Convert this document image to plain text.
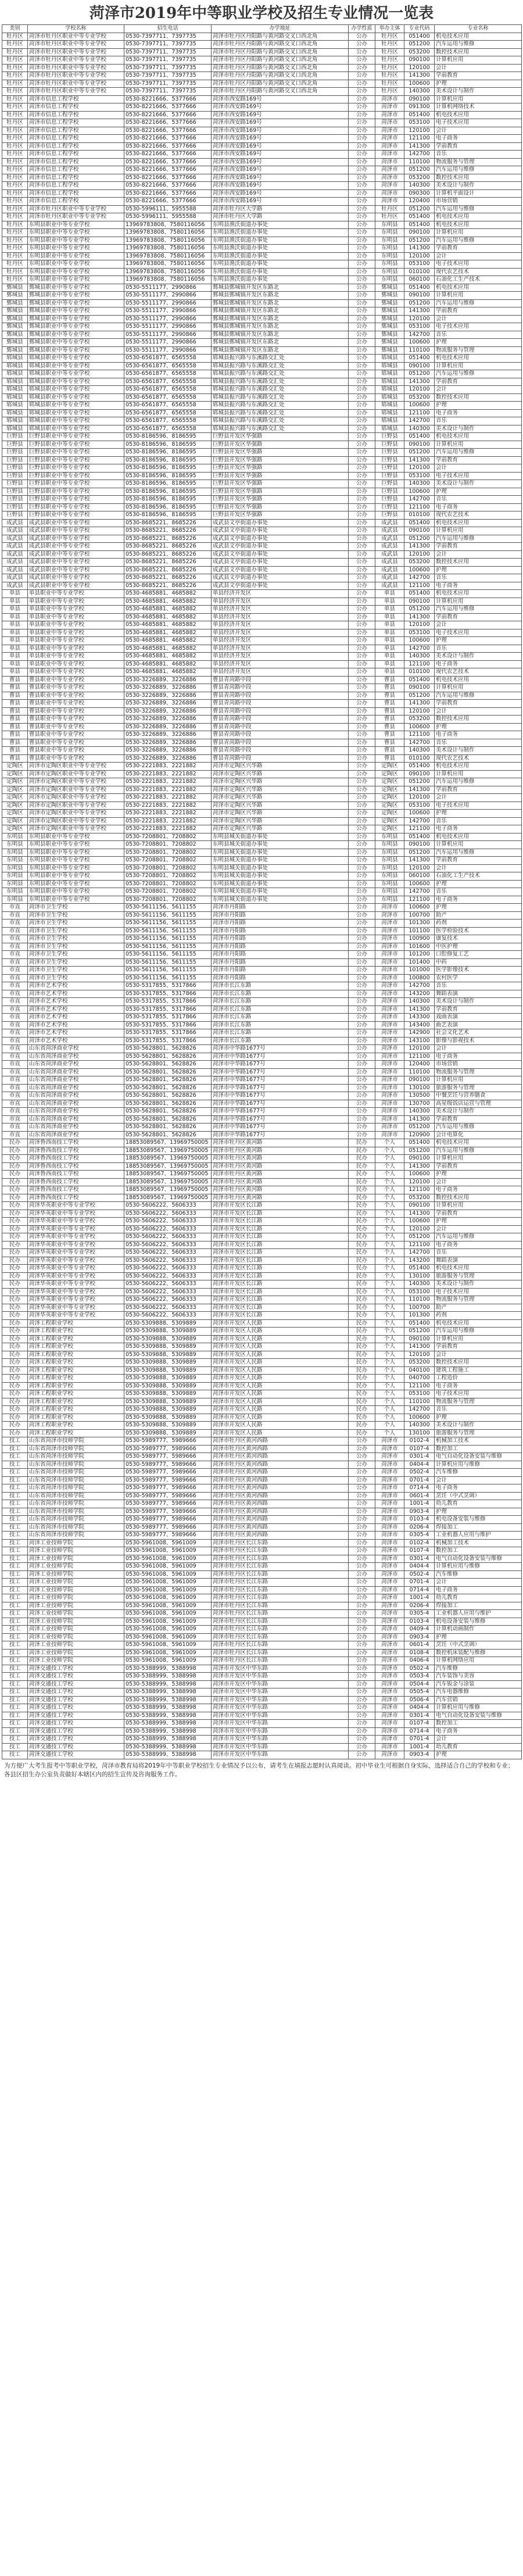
菏泽市2019年中等职业学校及招生专业情况一览表
类别	学校名称	招生电话	办学地址	办学性质	举办主体	专业代码	专业名称
牡丹区	菏泽市牡丹区职业中等专业学校	0530-7397711、7397735	菏泽市牡丹区丹阳路与黄河路交叉口西北角	公办	牡丹区	051400	机电技术应用
牡丹区	菏泽市牡丹区职业中等专业学校	0530-7397711、7397735	菏泽市牡丹区丹阳路与黄河路交叉口西北角	公办	牡丹区	051200	汽车运用与维修
牡丹区	菏泽市牡丹区职业中等专业学校	0530-7397711、7397735	菏泽市牡丹区丹阳路与黄河路交叉口西北角	公办	牡丹区	053200	数控技术应用
牡丹区	菏泽市牡丹区职业中等专业学校	0530-7397711、7397735	菏泽市牡丹区丹阳路与黄河路交叉口西北角	公办	牡丹区	090100	计算机应用
牡丹区	菏泽市牡丹区职业中等专业学校	0530-7397711、7397735	菏泽市牡丹区丹阳路与黄河路交叉口西北角	公办	牡丹区	120100	会计
牡丹区	菏泽市牡丹区职业中等专业学校	0530-7397711、7397735	菏泽市牡丹区丹阳路与黄河路交叉口西北角	公办	牡丹区	141300	学前教育
牡丹区	菏泽市牡丹区职业中等专业学校	0530-7397711、7397735	菏泽市牡丹区丹阳路与黄河路交叉口西北角	公办	牡丹区	100600	护理
牡丹区	菏泽市牡丹区职业中等专业学校	0530-7397711、7397735	菏泽市牡丹区丹阳路与黄河路交叉口西北角	公办	牡丹区	140300	美术设计与制作
牡丹区	菏泽市信息工程学校	0530-8221666、5377666	菏泽市西安路169号	公办	菏泽市	090100	计算机应用
牡丹区	菏泽市信息工程学校	0530-8221666、5377666	菏泽市西安路169号	公办	菏泽市	091300	计算机网络技术
牡丹区	菏泽市信息工程学校	0530-8221666、5377666	菏泽市西安路169号	公办	菏泽市	051400	机电技术应用
牡丹区	菏泽市信息工程学校	0530-8221666、5377666	菏泽市西安路169号	公办	菏泽市	053100	电子技术应用
牡丹区	菏泽市信息工程学校	0530-8221666、5377666	菏泽市西安路169号	公办	菏泽市	120100	会计
牡丹区	菏泽市信息工程学校	0530-8221666、5377666	菏泽市西安路169号	公办	菏泽市	121100	电子商务
牡丹区	菏泽市信息工程学校	0530-8221666、5377666	菏泽市西安路169号	公办	菏泽市	141300	学前教育
牡丹区	菏泽市信息工程学校	0530-8221666、5377666	菏泽市西安路169号	公办	菏泽市	142700	音乐
牡丹区	菏泽市信息工程学校	0530-8221666、5377666	菏泽市西安路169号	公办	菏泽市	110100	物流服务与管理
牡丹区	菏泽市信息工程学校	0530-8221666、5377666	菏泽市西安路169号	公办	菏泽市	051200	汽车运用与维修
牡丹区	菏泽市信息工程学校	0530-8221666、5377666	菏泽市西安路169号	公办	菏泽市	053200	数控技术应用
牡丹区	菏泽市信息工程学校	0530-8221666、5377666	菏泽市西安路169号	公办	菏泽市	140300	美术设计与制作
牡丹区	菏泽市信息工程学校	0530-8221666、5377666	菏泽市西安路169号	公办	菏泽市	090300	计算机平面设计
牡丹区	菏泽市信息工程学校	0530-8221666、5377666	菏泽市西安路169号	公办	菏泽市	120400	市场营销
牡丹区	菏泽市牡丹区职业中等专业学校	0530-5996111、5955588	菏泽市牡丹区大学路	公办	牡丹区	051200	汽车运用与维修
牡丹区	菏泽市牡丹区职业中等专业学校	0530-5996111、5955588	菏泽市牡丹区大学路	公办	牡丹区	051400	机电技术应用
牡丹区	东明县职业中等专业学校	13969783808、7580116056	东明县渔沃街道办事处	公办	东明县	051400	机电技术应用
牡丹区	东明县职业中等专业学校	13969783808、7580116056	东明县渔沃街道办事处	公办	东明县	090100	计算机应用
牡丹区	东明县职业中等专业学校	13969783808、7580116056	东明县渔沃街道办事处	公办	东明县	051200	汽车运用与维修
牡丹区	东明县职业中等专业学校	13969783808、7580116056	东明县渔沃街道办事处	公办	东明县	141300	学前教育
牡丹区	东明县职业中等专业学校	13969783808、7580116056	东明县渔沃街道办事处	公办	东明县	120100	会计
牡丹区	东明县职业中等专业学校	13969783808、7580116056	东明县渔沃街道办事处	公办	东明县	053100	电子技术应用
牡丹区	东明县职业中等专业学校	13969783808、7580116056	东明县渔沃街道办事处	公办	东明县	010100	现代农艺技术
牡丹区	东明县职业中等专业学校	13969783808、7580116056	东明县渔沃街道办事处	公办	东明县	060100	石油化工生产技术
鄄城县	鄄城县职业中等专业学校	0530-5511177、2990866	鄄城县鄄城镇开发区东路北	公办	鄄城县	051400	机电技术应用
鄄城县	鄄城县职业中等专业学校	0530-5511177、2990866	鄄城县鄄城镇开发区东路北	公办	鄄城县	090100	计算机应用
鄄城县	鄄城县职业中等专业学校	0530-5511177、2990866	鄄城县鄄城镇开发区东路北	公办	鄄城县	051200	汽车运用与维修
鄄城县	鄄城县职业中等专业学校	0530-5511177、2990866	鄄城县鄄城镇开发区东路北	公办	鄄城县	141300	学前教育
鄄城县	鄄城县职业中等专业学校	0530-5511177、2990866	鄄城县鄄城镇开发区东路北	公办	鄄城县	120100	会计
鄄城县	鄄城县职业中等专业学校	0530-5511177、2990866	鄄城县鄄城镇开发区东路北	公办	鄄城县	053100	电子技术应用
鄄城县	鄄城县职业中等专业学校	0530-5511177、2990866	鄄城县鄄城镇开发区东路北	公办	鄄城县	142700	音乐
鄄城县	鄄城县职业中等专业学校	0530-5511177、2990866	鄄城县鄄城镇开发区东路北	公办	鄄城县	100600	护理
鄄城县	鄄城县职业中等专业学校	0530-5511177、2990866	鄄城县鄄城镇开发区东路北	公办	鄄城县	110100	物流服务与管理
郓城县	郓城县职业中等专业学校	0530-6561877、6565558	郓城县振兴路与东溪路交汇处	公办	郓城县	051400	机电技术应用
郓城县	郓城县职业中等专业学校	0530-6561877、6565558	郓城县振兴路与东溪路交汇处	公办	郓城县	090100	计算机应用
郓城县	郓城县职业中等专业学校	0530-6561877、6565558	郓城县振兴路与东溪路交汇处	公办	郓城县	051200	汽车运用与维修
郓城县	郓城县职业中等专业学校	0530-6561877、6565558	郓城县振兴路与东溪路交汇处	公办	郓城县	141300	学前教育
郓城县	郓城县职业中等专业学校	0530-6561877、6565558	郓城县振兴路与东溪路交汇处	公办	郓城县	120100	会计
郓城县	郓城县职业中等专业学校	0530-6561877、6565558	郓城县振兴路与东溪路交汇处	公办	郓城县	053200	数控技术应用
郓城县	郓城县职业中等专业学校	0530-6561877、6565558	郓城县振兴路与东溪路交汇处	公办	郓城县	100600	护理
郓城县	郓城县职业中等专业学校	0530-6561877、6565558	郓城县振兴路与东溪路交汇处	公办	郓城县	121100	电子商务
郓城县	郓城县职业中等专业学校	0530-6561877、6565558	郓城县振兴路与东溪路交汇处	公办	郓城县	142700	音乐
郓城县	郓城县职业中等专业学校	0530-6561877、6565558	郓城县振兴路与东溪路交汇处	公办	郓城县	140300	美术设计与制作
巨野县	巨野县职业中等专业学校	0530-8186596、8186595	巨野县开发区华强路	公办	巨野县	051400	机电技术应用
巨野县	巨野县职业中等专业学校	0530-8186596、8186595	巨野县开发区华强路	公办	巨野县	090100	计算机应用
巨野县	巨野县职业中等专业学校	0530-8186596、8186595	巨野县开发区华强路	公办	巨野县	051200	汽车运用与维修
巨野县	巨野县职业中等专业学校	0530-8186596、8186595	巨野县开发区华强路	公办	巨野县	141300	学前教育
巨野县	巨野县职业中等专业学校	0530-8186596、8186595	巨野县开发区华强路	公办	巨野县	120100	会计
巨野县	巨野县职业中等专业学校	0530-8186596、8186595	巨野县开发区华强路	公办	巨野县	053100	电子技术应用
巨野县	巨野县职业中等专业学校	0530-8186596、8186595	巨野县开发区华强路	公办	巨野县	140300	美术设计与制作
巨野县	巨野县职业中等专业学校	0530-8186596、8186595	巨野县开发区华强路	公办	巨野县	100600	护理
巨野县	巨野县职业中等专业学校	0530-8186596、8186595	巨野县开发区华强路	公办	巨野县	142700	音乐
巨野县	巨野县职业中等专业学校	0530-8186596、8186595	巨野县开发区华强路	公办	巨野县	121100	电子商务
巨野县	巨野县职业中等专业学校	0530-8186596、8186595	巨野县开发区华强路	公办	巨野县	010100	现代农艺技术
成武县	成武县职业中等专业学校	0530-8685221、8685226	成武县文亭街道办事处	公办	成武县	051400	机电技术应用
成武县	成武县职业中等专业学校	0530-8685221、8685226	成武县文亭街道办事处	公办	成武县	090100	计算机应用
成武县	成武县职业中等专业学校	0530-8685221、8685226	成武县文亭街道办事处	公办	成武县	051200	汽车运用与维修
成武县	成武县职业中等专业学校	0530-8685221、8685226	成武县文亭街道办事处	公办	成武县	141300	学前教育
成武县	成武县职业中等专业学校	0530-8685221、8685226	成武县文亭街道办事处	公办	成武县	120100	会计
成武县	成武县职业中等专业学校	0530-8685221、8685226	成武县文亭街道办事处	公办	成武县	053200	数控技术应用
成武县	成武县职业中等专业学校	0530-8685221、8685226	成武县文亭街道办事处	公办	成武县	100600	护理
成武县	成武县职业中等专业学校	0530-8685221、8685226	成武县文亭街道办事处	公办	成武县	142700	音乐
成武县	成武县职业中等专业学校	0530-8685221、8685226	成武县文亭街道办事处	公办	成武县	121100	电子商务
单县	单县职业中等专业学校	0530-4685881、4685882	单县经济开发区	公办	单县	051400	机电技术应用
单县	单县职业中等专业学校	0530-4685881、4685882	单县经济开发区	公办	单县	090100	计算机应用
单县	单县职业中等专业学校	0530-4685881、4685882	单县经济开发区	公办	单县	051200	汽车运用与维修
单县	单县职业中等专业学校	0530-4685881、4685882	单县经济开发区	公办	单县	141300	学前教育
单县	单县职业中等专业学校	0530-4685881、4685882	单县经济开发区	公办	单县	120100	会计
单县	单县职业中等专业学校	0530-4685881、4685882	单县经济开发区	公办	单县	053100	电子技术应用
单县	单县职业中等专业学校	0530-4685881、4685882	单县经济开发区	公办	单县	100600	护理
单县	单县职业中等专业学校	0530-4685881、4685882	单县经济开发区	公办	单县	142700	音乐
单县	单县职业中等专业学校	0530-4685881、4685882	单县经济开发区	公办	单县	140300	美术设计与制作
单县	单县职业中等专业学校	0530-4685881、4685882	单县经济开发区	公办	单县	121100	电子商务
单县	单县职业中等专业学校	0530-4685881、4685882	单县经济开发区	公办	单县	010100	现代农艺技术
曹县	曹县职业中等专业学校	0530-3226889、3226886	曹县青菏路中段	公办	曹县	051400	机电技术应用
曹县	曹县职业中等专业学校	0530-3226889、3226886	曹县青菏路中段	公办	曹县	090100	计算机应用
曹县	曹县职业中等专业学校	0530-3226889、3226886	曹县青菏路中段	公办	曹县	051200	汽车运用与维修
曹县	曹县职业中等专业学校	0530-3226889、3226886	曹县青菏路中段	公办	曹县	141300	学前教育
曹县	曹县职业中等专业学校	0530-3226889、3226886	曹县青菏路中段	公办	曹县	120100	会计
曹县	曹县职业中等专业学校	0530-3226889、3226886	曹县青菏路中段	公办	曹县	053200	数控技术应用
曹县	曹县职业中等专业学校	0530-3226889、3226886	曹县青菏路中段	公办	曹县	100600	护理
曹县	曹县职业中等专业学校	0530-3226889、3226886	曹县青菏路中段	公办	曹县	121100	电子商务
曹县	曹县职业中等专业学校	0530-3226889、3226886	曹县青菏路中段	公办	曹县	142700	音乐
曹县	曹县职业中等专业学校	0530-3226889、3226886	曹县青菏路中段	公办	曹县	140300	美术设计与制作
曹县	曹县职业中等专业学校	0530-3226889、3226886	曹县青菏路中段	公办	曹县	010100	现代农艺技术
定陶区	菏泽市定陶区职业中等专业学校	0530-2221883、2221882	菏泽市定陶区兴华路	公办	定陶区	051400	机电技术应用
定陶区	菏泽市定陶区职业中等专业学校	0530-2221883、2221882	菏泽市定陶区兴华路	公办	定陶区	090100	计算机应用
定陶区	菏泽市定陶区职业中等专业学校	0530-2221883、2221882	菏泽市定陶区兴华路	公办	定陶区	051200	汽车运用与维修
定陶区	菏泽市定陶区职业中等专业学校	0530-2221883、2221882	菏泽市定陶区兴华路	公办	定陶区	141300	学前教育
定陶区	菏泽市定陶区职业中等专业学校	0530-2221883、2221882	菏泽市定陶区兴华路	公办	定陶区	120100	会计
定陶区	菏泽市定陶区职业中等专业学校	0530-2221883、2221882	菏泽市定陶区兴华路	公办	定陶区	053100	电子技术应用
定陶区	菏泽市定陶区职业中等专业学校	0530-2221883、2221882	菏泽市定陶区兴华路	公办	定陶区	100600	护理
定陶区	菏泽市定陶区职业中等专业学校	0530-2221883、2221882	菏泽市定陶区兴华路	公办	定陶区	142700	音乐
定陶区	菏泽市定陶区职业中等专业学校	0530-2221883、2221882	菏泽市定陶区兴华路	公办	定陶区	121100	电子商务
东明县	东明县职业中等专业学校	0530-7208801、7208802	东明县城关街道办事处	公办	东明县	051400	机电技术应用
东明县	东明县职业中等专业学校	0530-7208801、7208802	东明县城关街道办事处	公办	东明县	090100	计算机应用
东明县	东明县职业中等专业学校	0530-7208801、7208802	东明县城关街道办事处	公办	东明县	051200	汽车运用与维修
东明县	东明县职业中等专业学校	0530-7208801、7208802	东明县城关街道办事处	公办	东明县	141300	学前教育
东明县	东明县职业中等专业学校	0530-7208801、7208802	东明县城关街道办事处	公办	东明县	120100	会计
东明县	东明县职业中等专业学校	0530-7208801、7208802	东明县城关街道办事处	公办	东明县	060100	石油化工生产技术
东明县	东明县职业中等专业学校	0530-7208801、7208802	东明县城关街道办事处	公办	东明县	100600	护理
东明县	东明县职业中等专业学校	0530-7208801、7208802	东明县城关街道办事处	公办	东明县	142700	音乐
东明县	东明县职业中等专业学校	0530-7208801、7208802	东明县城关街道办事处	公办	东明县	121100	电子商务
市直	菏泽市卫生学校	0530-5611156、5611155	菏泽市丹阳路	公办	菏泽市	100600	护理
市直	菏泽市卫生学校	0530-5611156、5611155	菏泽市丹阳路	公办	菏泽市	100700	助产
市直	菏泽市卫生学校	0530-5611156、5611155	菏泽市丹阳路	公办	菏泽市	101300	药剂
市直	菏泽市卫生学校	0530-5611156、5611155	菏泽市丹阳路	公办	菏泽市	101100	医学检验技术
市直	菏泽市卫生学校	0530-5611156、5611155	菏泽市丹阳路	公办	菏泽市	100900	康复技术
市直	菏泽市卫生学校	0530-5611156、5611155	菏泽市丹阳路	公办	菏泽市	101600	中医护理
市直	菏泽市卫生学校	0530-5611156、5611155	菏泽市丹阳路	公办	菏泽市	101200	口腔修复工艺
市直	菏泽市卫生学校	0530-5611156、5611155	菏泽市丹阳路	公办	菏泽市	101400	中药
市直	菏泽市卫生学校	0530-5611156、5611155	菏泽市丹阳路	公办	菏泽市	101000	医学影像技术
市直	菏泽市卫生学校	0530-5611156、5611155	菏泽市丹阳路	公办	菏泽市	100800	农村医学
市直	菏泽市艺术学校	0530-5317855、5317866	菏泽市长江东路	公办	菏泽市	142700	音乐
市直	菏泽市艺术学校	0530-5317855、5317866	菏泽市长江东路	公办	菏泽市	143200	舞蹈表演
市直	菏泽市艺术学校	0530-5317855、5317866	菏泽市长江东路	公办	菏泽市	140300	美术设计与制作
市直	菏泽市艺术学校	0530-5317855、5317866	菏泽市长江东路	公办	菏泽市	141300	学前教育
市直	菏泽市艺术学校	0530-5317855、5317866	菏泽市长江东路	公办	菏泽市	143300	戏曲表演
市直	菏泽市艺术学校	0530-5317855、5317866	菏泽市长江东路	公办	菏泽市	143400	曲艺表演
市直	菏泽市艺术学校	0530-5317855、5317866	菏泽市长江东路	公办	菏泽市	142900	社会文化艺术
市直	菏泽市艺术学校	0530-5317855、5317866	菏泽市长江东路	公办	菏泽市	143100	影像与影视技术
市直	山东省菏泽商业学校	0530-5628801、5628826	菏泽市中华路1677号	公办	菏泽市	120100	会计
市直	山东省菏泽商业学校	0530-5628801、5628826	菏泽市中华路1677号	公办	菏泽市	121100	电子商务
市直	山东省菏泽商业学校	0530-5628801、5628826	菏泽市中华路1677号	公办	菏泽市	120400	市场营销
市直	山东省菏泽商业学校	0530-5628801、5628826	菏泽市中华路1677号	公办	菏泽市	110100	物流服务与管理
市直	山东省菏泽商业学校	0530-5628801、5628826	菏泽市中华路1677号	公办	菏泽市	090100	计算机应用
市直	山东省菏泽商业学校	0530-5628801、5628826	菏泽市中华路1677号	公办	菏泽市	130100	旅游服务与管理
市直	山东省菏泽商业学校	0530-5628801、5628826	菏泽市中华路1677号	公办	菏泽市	130500	中餐烹饪与营养膳食
市直	山东省菏泽商业学校	0530-5628801、5628826	菏泽市中华路1677号	公办	菏泽市	130700	高星级饭店运营与管理
市直	山东省菏泽商业学校	0530-5628801、5628826	菏泽市中华路1677号	公办	菏泽市	140300	美术设计与制作
市直	山东省菏泽商业学校	0530-5628801、5628826	菏泽市中华路1677号	公办	菏泽市	141300	学前教育
市直	山东省菏泽商业学校	0530-5628801、5628826	菏泽市中华路1677号	公办	菏泽市	051200	汽车运用与维修
市直	山东省菏泽商业学校	0530-5628801、5628826	菏泽市中华路1677号	公办	菏泽市	120900	会计电算化
民办	菏泽鲁西南技工学校	18853089567、13969750005	菏泽市牡丹区黄河路	民办	个人	051400	机电技术应用
民办	菏泽鲁西南技工学校	18853089567、13969750005	菏泽市牡丹区黄河路	民办	个人	051200	汽车运用与维修
民办	菏泽鲁西南技工学校	18853089567、13969750005	菏泽市牡丹区黄河路	民办	个人	090100	计算机应用
民办	菏泽鲁西南技工学校	18853089567、13969750005	菏泽市牡丹区黄河路	民办	个人	141300	学前教育
民办	菏泽鲁西南技工学校	18853089567、13969750005	菏泽市牡丹区黄河路	民办	个人	100600	护理
民办	菏泽鲁西南技工学校	18853089567、13969750005	菏泽市牡丹区黄河路	民办	个人	120100	会计
民办	菏泽鲁西南技工学校	18853089567、13969750005	菏泽市牡丹区黄河路	民办	个人	121100	电子商务
民办	菏泽鲁西南技工学校	18853089567、13969750005	菏泽市牡丹区黄河路	民办	个人	053200	数控技术应用
民办	菏泽华英职业中等专业学校	0530-5606222、5606333	菏泽市开发区长江路	民办	个人	090100	计算机应用
民办	菏泽华英职业中等专业学校	0530-5606222、5606333	菏泽市开发区长江路	民办	个人	141300	学前教育
民办	菏泽华英职业中等专业学校	0530-5606222、5606333	菏泽市开发区长江路	民办	个人	100600	护理
民办	菏泽华英职业中等专业学校	0530-5606222、5606333	菏泽市开发区长江路	民办	个人	120100	会计
民办	菏泽华英职业中等专业学校	0530-5606222、5606333	菏泽市开发区长江路	民办	个人	051200	汽车运用与维修
民办	菏泽华英职业中等专业学校	0530-5606222、5606333	菏泽市开发区长江路	民办	个人	121100	电子商务
民办	菏泽华英职业中等专业学校	0530-5606222、5606333	菏泽市开发区长江路	民办	个人	142700	音乐
民办	菏泽华英职业中等专业学校	0530-5606222、5606333	菏泽市开发区长江路	民办	个人	143200	舞蹈表演
民办	菏泽华英职业中等专业学校	0530-5606222、5606333	菏泽市开发区长江路	民办	个人	051400	机电技术应用
民办	菏泽华英职业中等专业学校	0530-5606222、5606333	菏泽市开发区长江路	民办	个人	130100	旅游服务与管理
民办	菏泽华英职业中等专业学校	0530-5606222、5606333	菏泽市开发区长江路	民办	个人	140300	美术设计与制作
民办	菏泽华英职业中等专业学校	0530-5606222、5606333	菏泽市开发区长江路	民办	个人	053100	电子技术应用
民办	菏泽华英职业中等专业学校	0530-5606222、5606333	菏泽市开发区长江路	民办	个人	110100	物流服务与管理
民办	菏泽华英职业中等专业学校	0530-5606222、5606333	菏泽市开发区长江路	民办	个人	100700	助产
民办	菏泽华英职业中等专业学校	0530-5606222、5606333	菏泽市开发区长江路	民办	个人	101300	药剂
民办	菏泽工程职业学校	0530-5309888、5309889	菏泽市开发区人民路	民办	个人	051400	机电技术应用
民办	菏泽工程职业学校	0530-5309888、5309889	菏泽市开发区人民路	民办	个人	051200	汽车运用与维修
民办	菏泽工程职业学校	0530-5309888、5309889	菏泽市开发区人民路	民办	个人	090100	计算机应用
民办	菏泽工程职业学校	0530-5309888、5309889	菏泽市开发区人民路	民办	个人	141300	学前教育
民办	菏泽工程职业学校	0530-5309888、5309889	菏泽市开发区人民路	民办	个人	120100	会计
民办	菏泽工程职业学校	0530-5309888、5309889	菏泽市开发区人民路	民办	个人	053200	数控技术应用
民办	菏泽工程职业学校	0530-5309888、5309889	菏泽市开发区人民路	民办	个人	040100	建筑工程施工
民办	菏泽工程职业学校	0530-5309888、5309889	菏泽市开发区人民路	民办	个人	040700	工程造价
民办	菏泽工程职业学校	0530-5309888、5309889	菏泽市开发区人民路	民办	个人	121100	电子商务
民办	菏泽工程职业学校	0530-5309888、5309889	菏泽市开发区人民路	民办	个人	053100	电子技术应用
民办	菏泽工程职业学校	0530-5309888、5309889	菏泽市开发区人民路	民办	个人	110100	物流服务与管理
民办	菏泽工程职业学校	0530-5309888、5309889	菏泽市开发区人民路	民办	个人	142700	音乐
民办	菏泽工程职业学校	0530-5309888、5309889	菏泽市开发区人民路	民办	个人	100600	护理
民办	菏泽工程职业学校	0530-5309888、5309889	菏泽市开发区人民路	民办	个人	140300	美术设计与制作
民办	菏泽工程职业学校	0530-5309888、5309889	菏泽市开发区人民路	民办	个人	130100	旅游服务与管理
技工	山东省菏泽市技师学院	0530-5989777、5989666	菏泽市牡丹区黄河西路	公办	菏泽市	0102-4	机械加工技术
技工	山东省菏泽市技师学院	0530-5989777、5989666	菏泽市牡丹区黄河西路	公办	菏泽市	0107-4	数控加工
技工	山东省菏泽市技师学院	0530-5989777、5989666	菏泽市牡丹区黄河西路	公办	菏泽市	0301-4	电气自动化设备安装与维修
技工	山东省菏泽市技师学院	0530-5989777、5989666	菏泽市牡丹区黄河西路	公办	菏泽市	0404-4	计算机应用与维修
技工	山东省菏泽市技师学院	0530-5989777、5989666	菏泽市牡丹区黄河西路	公办	菏泽市	0502-4	汽车维修
技工	山东省菏泽市技师学院	0530-5989777、5989666	菏泽市牡丹区黄河西路	公办	菏泽市	0701-4	会计
技工	山东省菏泽市技师学院	0530-5989777、5989666	菏泽市牡丹区黄河西路	公办	菏泽市	0714-4	电子商务
技工	山东省菏泽市技师学院	0530-5989777、5989666	菏泽市牡丹区黄河西路	公办	菏泽市	0601-4	烹饪（中式烹调）
技工	山东省菏泽市技师学院	0530-5989777、5989666	菏泽市牡丹区黄河西路	公办	菏泽市	1001-4	幼儿教育
技工	山东省菏泽市技师学院	0530-5989777、5989666	菏泽市牡丹区黄河西路	公办	菏泽市	0903-4	护理
技工	山东省菏泽市技师学院	0530-5989777、5989666	菏泽市牡丹区黄河西路	公办	菏泽市	0103-4	机电设备安装与维修
技工	山东省菏泽市技师学院	0530-5989777、5989666	菏泽市牡丹区黄河西路	公办	菏泽市	0206-4	焊接加工
技工	山东省菏泽市技师学院	0530-5989777、5989666	菏泽市牡丹区黄河西路	公办	菏泽市	0305-4	工业机器人应用与维护
技工	菏泽工业技师学院	0530-5961008、5961009	菏泽市牡丹区长江东路	公办	菏泽市	0102-4	机械加工技术
技工	菏泽工业技师学院	0530-5961008、5961009	菏泽市牡丹区长江东路	公办	菏泽市	0107-4	数控加工
技工	菏泽工业技师学院	0530-5961008、5961009	菏泽市牡丹区长江东路	公办	菏泽市	0301-4	电气自动化设备安装与维修
技工	菏泽工业技师学院	0530-5961008、5961009	菏泽市牡丹区长江东路	公办	菏泽市	0404-4	计算机应用与维修
技工	菏泽工业技师学院	0530-5961008、5961009	菏泽市牡丹区长江东路	公办	菏泽市	0502-4	汽车维修
技工	菏泽工业技师学院	0530-5961008、5961009	菏泽市牡丹区长江东路	公办	菏泽市	0701-4	会计
技工	菏泽工业技师学院	0530-5961008、5961009	菏泽市牡丹区长江东路	公办	菏泽市	0714-4	电子商务
技工	菏泽工业技师学院	0530-5961008、5961009	菏泽市牡丹区长江东路	公办	菏泽市	1001-4	幼儿教育
技工	菏泽工业技师学院	0530-5961008、5961009	菏泽市牡丹区长江东路	公办	菏泽市	0206-4	焊接加工
技工	菏泽工业技师学院	0530-5961008、5961009	菏泽市牡丹区长江东路	公办	菏泽市	0305-4	工业机器人应用与维护
技工	菏泽工业技师学院	0530-5961008、5961009	菏泽市牡丹区长江东路	公办	菏泽市	0103-4	机电设备安装与维修
技工	菏泽工业技师学院	0530-5961008、5961009	菏泽市牡丹区长江东路	公办	菏泽市	0409-4	计算机动画制作
技工	菏泽工业技师学院	0530-5961008、5961009	菏泽市牡丹区长江东路	公办	菏泽市	0903-4	护理
技工	菏泽工业技师学院	0530-5961008、5961009	菏泽市牡丹区长江东路	公办	菏泽市	0601-4	烹饪（中式烹调）
技工	菏泽工业技师学院	0530-5961008、5961009	菏泽市牡丹区长江东路	公办	菏泽市	0108-4	数控机床装配与维修
技工	菏泽工业技师学院	0530-5961008、5961009	菏泽市牡丹区长江东路	公办	菏泽市	0406-4	计算机网络应用
技工	菏泽交通技工学校	0530-5388999、5388998	菏泽市开发区中华东路	公办	菏泽市	0502-4	汽车维修
技工	菏泽交通技工学校	0530-5388999、5388998	菏泽市开发区中华东路	公办	菏泽市	0503-4	汽车装饰与美容
技工	菏泽交通技工学校	0530-5388999、5388998	菏泽市开发区中华东路	公办	菏泽市	0504-4	汽车钣金与涂装
技工	菏泽交通技工学校	0530-5388999、5388998	菏泽市开发区中华东路	公办	菏泽市	0505-4	汽车电器维修
技工	菏泽交通技工学校	0530-5388999、5388998	菏泽市开发区中华东路	公办	菏泽市	0506-4	汽车营销
技工	菏泽交通技工学校	0530-5388999、5388998	菏泽市开发区中华东路	公办	菏泽市	0404-4	计算机应用与维修
技工	菏泽交通技工学校	0530-5388999、5388998	菏泽市开发区中华东路	公办	菏泽市	0301-4	电气自动化设备安装与维修
技工	菏泽交通技工学校	0530-5388999、5388998	菏泽市开发区中华东路	公办	菏泽市	0107-4	数控加工
技工	菏泽交通技工学校	0530-5388999、5388998	菏泽市开发区中华东路	公办	菏泽市	0714-4	电子商务
技工	菏泽交通技工学校	0530-5388999、5388998	菏泽市开发区中华东路	公办	菏泽市	0701-4	会计
技工	菏泽交通技工学校	0530-5388999、5388998	菏泽市开发区中华东路	公办	菏泽市	1001-4	幼儿教育
技工	菏泽交通技工学校	0530-5388999、5388998	菏泽市开发区中华东路	公办	菏泽市	0903-4	护理
为方便广大考生报考中等职业学校，菏泽市教育局将2019年中等职业学校招生专业情况予以公布，请考生在填报志愿时认真阅读。初中毕业生可根据自身实际，选择适合自己的学校和专业；各县区招生办公室负责做好本辖区内的招生宣传及咨询服务工作。
